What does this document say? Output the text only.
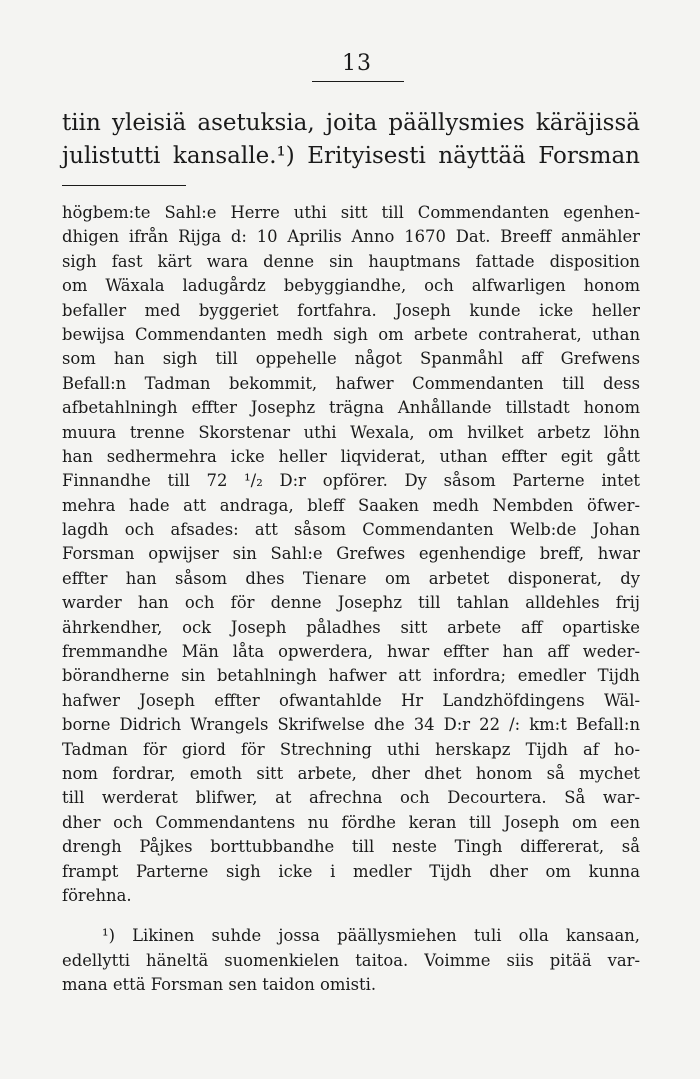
13
tiin yleisiä asetuksia, joita päällysmies käräjissä
julistutti kansalle.¹) Erityisesti näyttää Forsman
högbem:te Sahl:e Herre uthi sitt till Commendanten egenhen-
dhigen ifrån Rijga d: 10 Aprilis Anno 1670 Dat. Breeff anmähler
sigh fast kärt wara denne sin hauptmans fattade disposition
om Wäxala ladugårdz bebyggiandhe, och alfwarligen honom
befaller med byggeriet fortfahra. Joseph kunde icke heller
bewijsa Commendanten medh sigh om arbete contraherat, uthan
som han sigh till oppehelle något Spanmåhl aff Grefwens
Befall:n Tadman bekommit, hafwer Commendanten till dess
afbetahlningh effter Josephz trägna Anhållande tillstadt honom
muura trenne Skorstenar uthi Wexala, om hvilket arbetz löhn
han sedhermehra icke heller liqviderat, uthan effter egit gått
Finnandhe till 72 ¹/₂ D:r opförer. Dy såsom Parterne intet
mehra hade att andraga, bleff Saaken medh Nembden öfwer-
lagdh och afsades: att såsom Commendanten Welb:de Johan
Forsman opwijser sin Sahl:e Grefwes egenhendige breff, hwar
effter han såsom dhes Tienare om arbetet disponerat, dy
warder han och för denne Josephz till tahlan alldehles frij
ährkendher, ock Joseph påladhes sitt arbete aff opartiske
fremmandhe Män låta opwerdera, hwar effter han aff weder-
börandherne sin betahlningh hafwer att infordra; emedler Tijdh
hafwer Joseph effter ofwantahlde Hr Landzhöfdingens Wäl-
borne Didrich Wrangels Skrifwelse dhe 34 D:r 22 /: km:t Befall:n
Tadman för giord för Strechning uthi herskapz Tijdh af ho-
nom fordrar, emoth sitt arbete, dher dhet honom så mychet
till werderat blifwer, at afrechna och Decourtera. Så war-
dher och Commendantens nu fördhe keran till Joseph om een
drengh Påjkes borttubbandhe till neste Tingh differerat, så
frampt Parterne sigh icke i medler Tijdh dher om kunna
förehna.
¹) Likinen suhde jossa päällysmiehen tuli olla kansaan,
edellytti häneltä suomenkielen taitoa. Voimme siis pitää var-
mana että Forsman sen taidon omisti.
